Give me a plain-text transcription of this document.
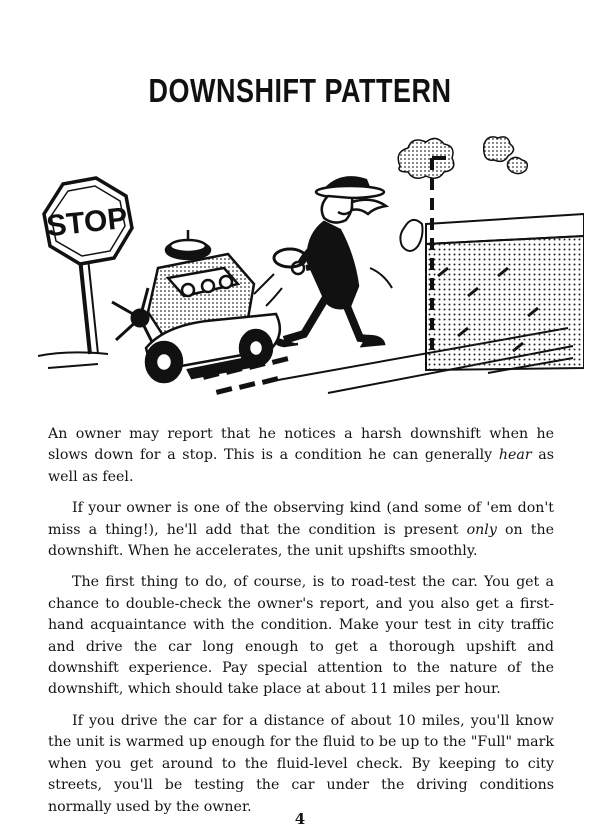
DOWNSHIFT PATTERN
STOP

An owner may report that he notices a harsh downshift when he slows down for a stop. This is a condition he can generally hear as well as feel.

If your owner is one of the observing kind (and some of 'em don't miss a thing!), he'll add that the condition is present only on the downshift. When he accelerates, the unit upshifts smoothly.

The first thing to do, of course, is to road-test the car. You get a chance to double-check the owner's report, and you also get a first-hand acquaintance with the condition. Make your test in city traffic and drive the car long enough to get a thorough upshift and downshift experience. Pay special attention to the nature of the downshift, which should take place at about 11 miles per hour.

If you drive the car for a distance of about 10 miles, you'll know the unit is warmed up enough for the fluid to be up to the "Full" mark when you get around to the fluid-level check. By keeping to city streets, you'll be testing the car under the driving conditions normally used by the owner.

4
